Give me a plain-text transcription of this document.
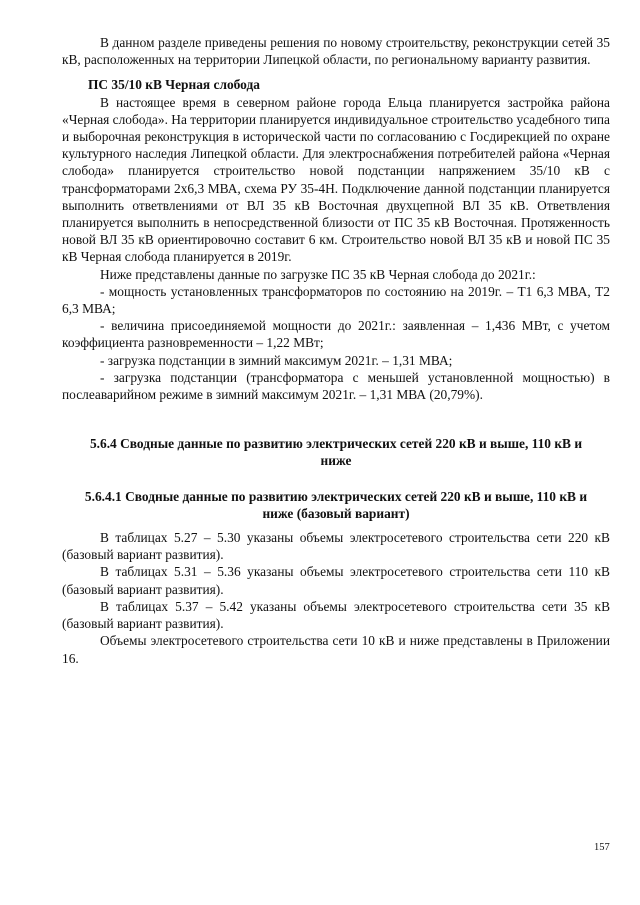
В данном разделе приведены решения по новому строительству, реконструкции сетей 35 кВ, расположенных на территории Липецкой области, по региональному варианту развития.

ПС 35/10 кВ Черная слобода

В настоящее время в северном районе города Ельца планируется застройка района «Черная слобода». На территории планируется индивидуальное строительство усадебного типа и выборочная реконструкция в исторической части по согласованию с Госдирекцией по охране культурного наследия Липецкой области. Для электроснабжения потребителей района «Черная слобода» планируется строительство новой подстанции напряжением 35/10 кВ с трансформаторами 2х6,3 МВА, схема РУ 35-4Н. Подключение данной подстанции планируется выполнить ответвлениями от ВЛ 35 кВ Восточная двухцепной ВЛ 35 кВ. Ответвления планируется выполнить в непосредственной близости от ПС 35 кВ Восточная. Протяженность новой ВЛ 35 кВ ориентировочно составит 6 км. Строительство новой ВЛ 35 кВ и новой ПС 35 кВ Черная слобода планируется в 2019г.

Ниже представлены данные по загрузке ПС 35 кВ Черная слобода до 2021г.:

- мощность установленных трансформаторов по состоянию на 2019г. – Т1 6,3 МВА, Т2 6,3 МВА;

- величина присоединяемой мощности до 2021г.: заявленная – 1,436 МВт, с учетом коэффициента разновременности – 1,22 МВт;

- загрузка подстанции в зимний максимум 2021г. – 1,31 МВА;

- загрузка подстанции (трансформатора с меньшей установленной мощностью) в послеаварийном режиме в зимний максимум 2021г. – 1,31 МВА (20,79%).

5.6.4 Сводные данные по развитию электрических сетей 220 кВ и выше, 110 кВ и ниже

5.6.4.1 Сводные данные по развитию электрических сетей 220 кВ и выше, 110 кВ и ниже (базовый вариант)

В таблицах 5.27 – 5.30 указаны объемы электросетевого строительства сети 220 кВ (базовый вариант развития).

В таблицах 5.31 – 5.36 указаны объемы электросетевого строительства сети 110 кВ (базовый вариант развития).

В таблицах 5.37 – 5.42 указаны объемы электросетевого строительства сети 35 кВ (базовый вариант развития).

Объемы электросетевого строительства сети 10 кВ и ниже представлены в Приложении 16.

157
